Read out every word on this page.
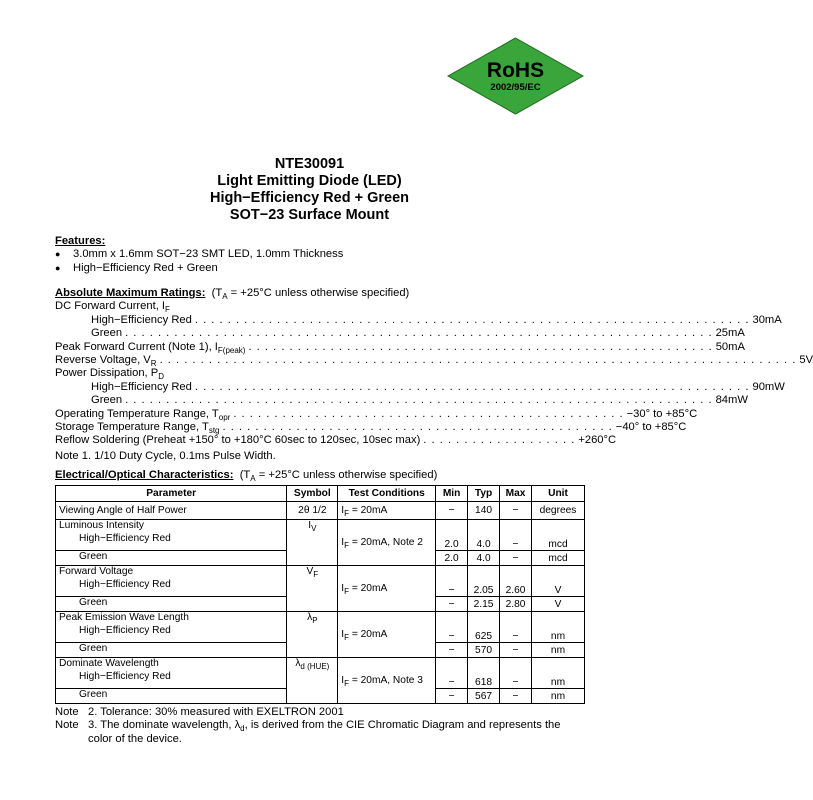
RoHS
2002/95/EC
NTE30091
Light Emitting Diode (LED)
High−Efficiency Red + Green
SOT−23 Surface Mount
Features:
● 3.0mm x 1.6mm SOT−23 SMT LED, 1.0mm Thickness
● High−Efficiency Red + Green
Absolute Maximum Ratings: ($T_A = +25^\circ C$ unless otherwise specified)
DC Forward Current, $I_F$
High−Efficiency Red . . . . . . . . . . . . . . . . . . . . . . . . . . . . . . . . . . . . . . . . . . . . . . . . . . . . . . . . . . . . . . . . . . . . 30mA
Green . . . . . . . . . . . . . . . . . . . . . . . . . . . . . . . . . . . . . . . . . . . . . . . . . . . . . . . . . . . . . . . . . . . . . . . . 25mA
Peak Forward Current (Note 1), $I_{F(peak)}$ . . . . . . . . . . . . . . . . . . . . . . . . . . . . . . . . . . . . . . . . . . . . . . . . . . . . . . . . . 50mA
Reverse Voltage, $V_R$ . . . . . . . . . . . . . . . . . . . . . . . . . . . . . . . . . . . . . . . . . . . . . . . . . . . . . . . . . . . . . . . . . . . . . . . . . . . . . . 5V
Power Dissipation, $P_D$
High−Efficiency Red . . . . . . . . . . . . . . . . . . . . . . . . . . . . . . . . . . . . . . . . . . . . . . . . . . . . . . . . . . . . . . . . . . . . 90mW
Green . . . . . . . . . . . . . . . . . . . . . . . . . . . . . . . . . . . . . . . . . . . . . . . . . . . . . . . . . . . . . . . . . . . . . . . . 84mW
Operating Temperature Range, $T_{opr}$ . . . . . . . . . . . . . . . . . . . . . . . . . . . . . . . . . . . . . . . . . . . . . . . . −30° to +85°C
Storage Temperature Range, $T_{stg}$ . . . . . . . . . . . . . . . . . . . . . . . . . . . . . . . . . . . . . . . . . . . . . . . . −40° to +85°C
Reflow Soldering (Preheat +150° to +180°C 60sec to 120sec, 10sec max) . . . . . . . . . . . . . . . . . . . +260°C
Note 1. 1/10 Duty Cycle, 0.1ms Pulse Width.
Electrical/Optical Characteristics: ($T_A = +25^\circ C$ unless otherwise specified)
Parameter	Symbol	Test Conditions	Min	Typ	Max	Unit
Viewing Angle of Half Power	2θ 1/2	$I_F = 20mA$	−	140	−	degrees

Luminous Intensity
High−Efficiency Red	$I_V$	$I_F = 20mA$, Note 2	2.0	4.0	−	mcd

Green			2.0	4.0	−	mcd

Forward Voltage
High−Efficiency Red	$V_F$	$I_F = 20mA$	−	2.05	2.60	V

Green			−	2.15	2.80	V

Peak Emission Wave Length
High−Efficiency Red	$\lambda_P$	$I_F = 20mA$	−	625	−	nm

Green			−	570	−	nm

Dominate Wavelength
High−Efficiency Red	$\lambda_{d (HUE)}$	$I_F = 20mA$, Note 3	−	618	−	nm

Green			−	567	−	nm
Note 2. Tolerance: 30% measured with EXELTRON 2001
Note 3. The dominate wavelength, $\lambda_d$, is derived from the CIE Chromatic Diagram and represents the color of the device.
